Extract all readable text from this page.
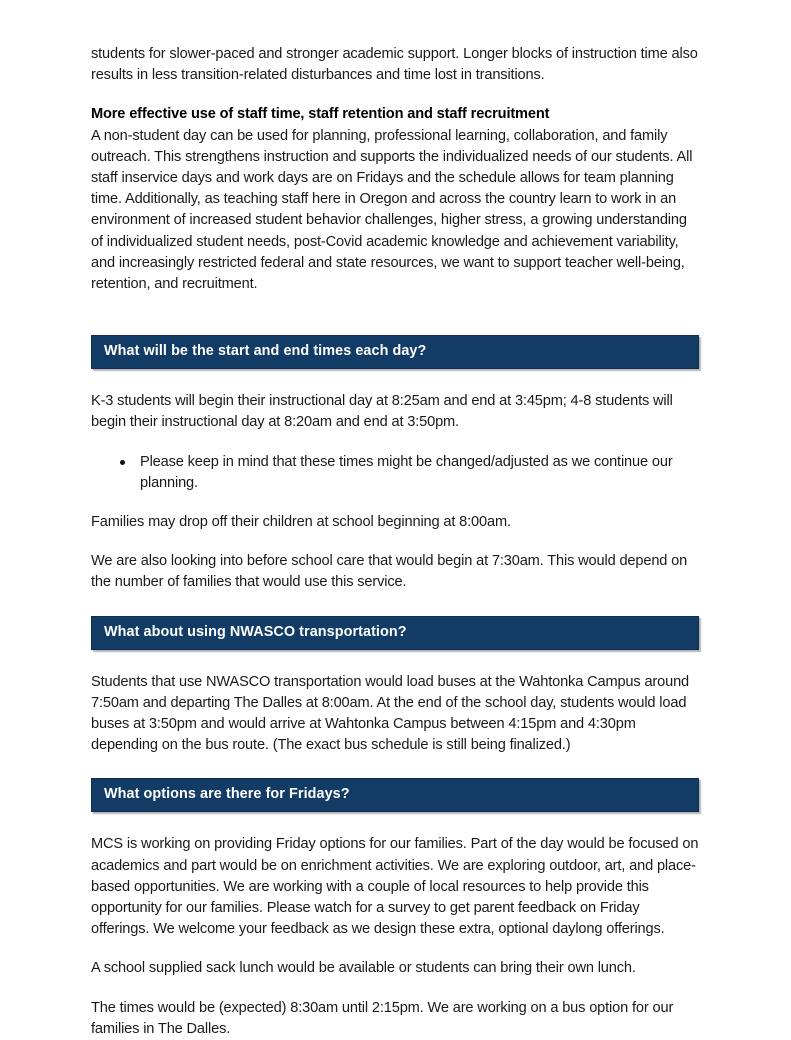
students for slower-paced and stronger academic support. Longer blocks of instruction time also results in less transition-related disturbances and time lost in transitions.

More effective use of staff time, staff retention and staff recruitment

A non-student day can be used for planning, professional learning, collaboration, and family outreach. This strengthens instruction and supports the individualized needs of our students. All staff inservice days and work days are on Fridays and the schedule allows for team planning time. Additionally, as teaching staff here in Oregon and across the country learn to work in an environment of increased student behavior challenges, higher stress, a growing understanding of individualized student needs, post-Covid academic knowledge and achievement variability, and increasingly restricted federal and state resources, we want to support teacher well-being, retention, and recruitment.

What will be the start and end times each day?

K-3 students will begin their instructional day at 8:25am and end at 3:45pm; 4-8 students will begin their instructional day at 8:20am and end at 3:50pm.

Please keep in mind that these times might be changed/adjusted as we continue our planning.

Families may drop off their children at school beginning at 8:00am.

We are also looking into before school care that would begin at 7:30am. This would depend on the number of families that would use this service.

What about using NWASCO transportation?

Students that use NWASCO transportation would load buses at the Wahtonka Campus around 7:50am and departing The Dalles at 8:00am. At the end of the school day, students would load buses at 3:50pm and would arrive at Wahtonka Campus between 4:15pm and 4:30pm depending on the bus route. (The exact bus schedule is still being finalized.)

What options are there for Fridays?

MCS is working on providing Friday options for our families. Part of the day would be focused on academics and part would be on enrichment activities. We are exploring outdoor, art, and place-based opportunities. We are working with a couple of local resources to help provide this opportunity for our families. Please watch for a survey to get parent feedback on Friday offerings. We welcome your feedback as we design these extra, optional daylong offerings.

A school supplied sack lunch would be available or students can bring their own lunch.

The times would be (expected) 8:30am until 2:15pm. We are working on a bus option for our families in The Dalles.
